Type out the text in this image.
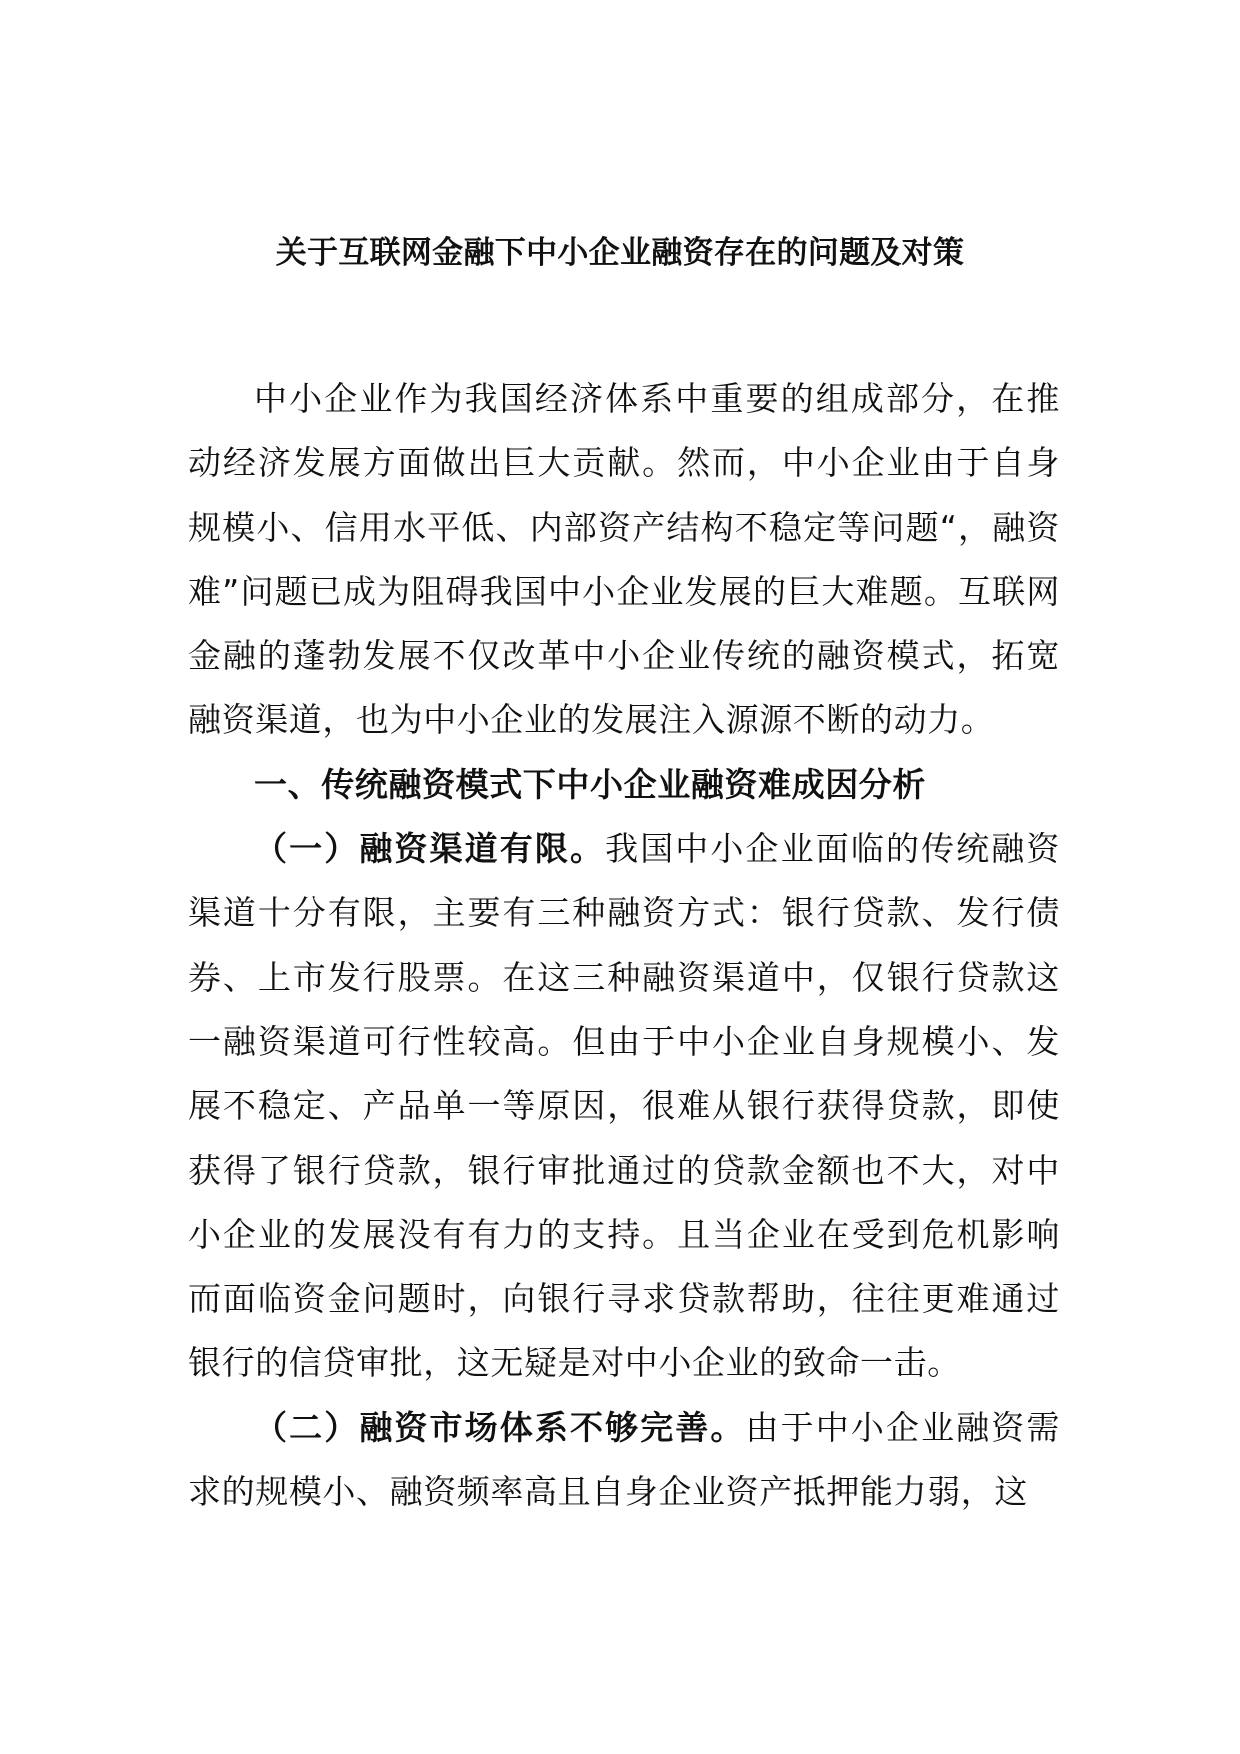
关于互联网金融下中小企业融资存在的问题及对策

中小企业作为我国经济体系中重要的组成部分，在推动经济发展方面做出巨大贡献。然而，中小企业由于自身规模小、信用水平低、内部资产结构不稳定等问题“，融资难”问题已成为阻碍我国中小企业发展的巨大难题。互联网金融的蓬勃发展不仅改革中小企业传统的融资模式，拓宽融资渠道，也为中小企业的发展注入源源不断的动力。

一、传统融资模式下中小企业融资难成因分析

（一）融资渠道有限。我国中小企业面临的传统融资渠道十分有限，主要有三种融资方式：银行贷款、发行债券、上市发行股票。在这三种融资渠道中，仅银行贷款这一融资渠道可行性较高。但由于中小企业自身规模小、发展不稳定、产品单一等原因，很难从银行获得贷款，即使获得了银行贷款，银行审批通过的贷款金额也不大，对中小企业的发展没有有力的支持。且当企业在受到危机影响而面临资金问题时，向银行寻求贷款帮助，往往更难通过银行的信贷审批，这无疑是对中小企业的致命一击。

（二）融资市场体系不够完善。由于中小企业融资需求的规模小、融资频率高且自身企业资产抵押能力弱，这
